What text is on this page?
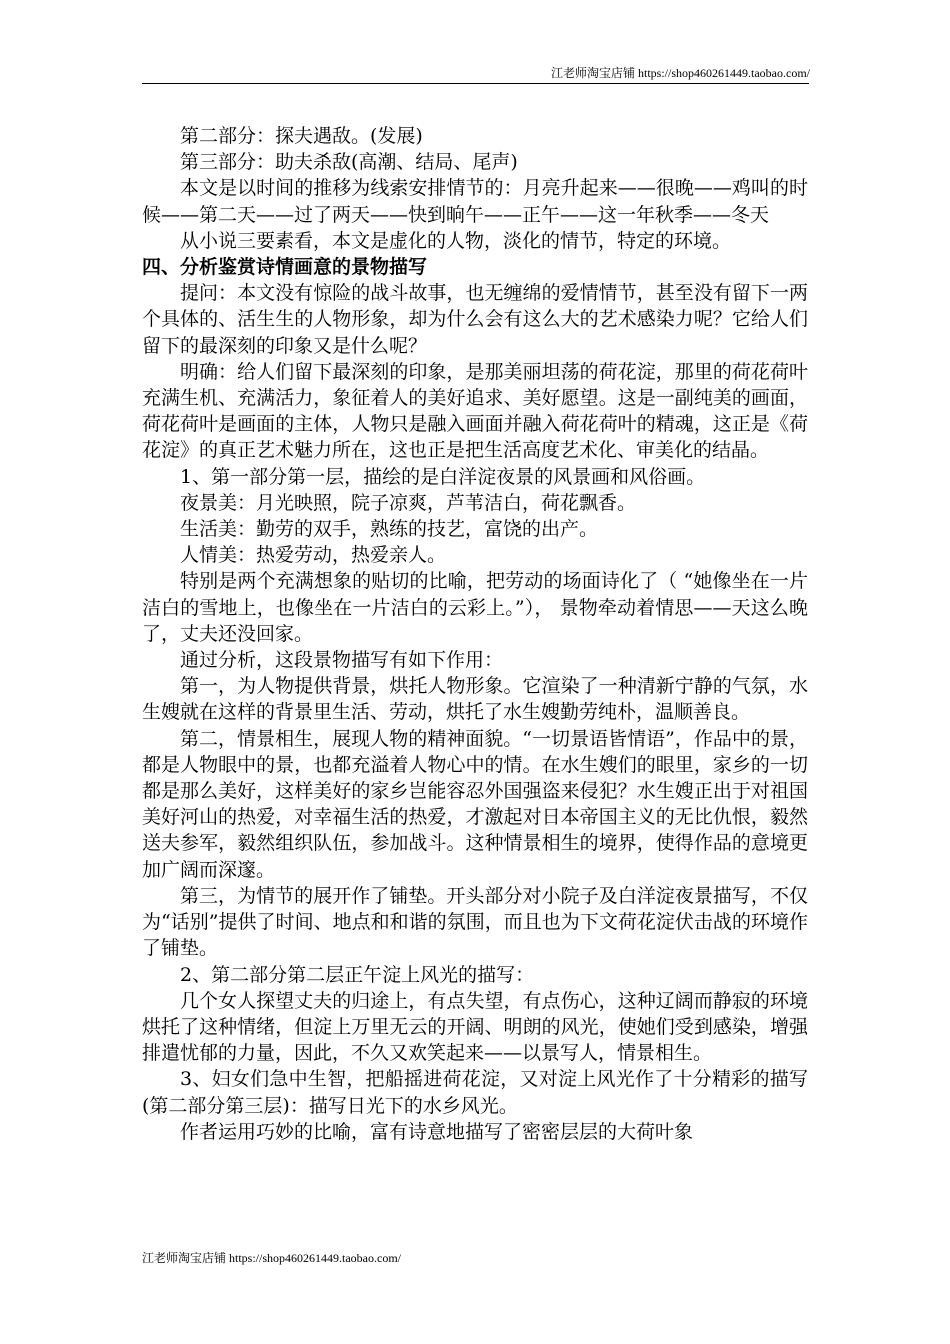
江老师淘宝店铺 https://shop460261449.taobao.com/

第二部分：探夫遇敌。(发展)

第三部分：助夫杀敌(高潮、结局、尾声)

本文是以时间的推移为线索安排情节的：月亮升起来——很晚——鸡叫的时候——第二天——过了两天——快到晌午——正午——这一年秋季——冬天

从小说三要素看，本文是虚化的人物，淡化的情节，特定的环境。

四、分析鉴赏诗情画意的景物描写

提问：本文没有惊险的战斗故事，也无缠绵的爱情情节，甚至没有留下一两个具体的、活生生的人物形象，却为什么会有这么大的艺术感染力呢？它给人们留下的最深刻的印象又是什么呢？

明确：给人们留下最深刻的印象，是那美丽坦荡的荷花淀，那里的荷花荷叶充满生机、充满活力，象征着人的美好追求、美好愿望。这是一副纯美的画面，荷花荷叶是画面的主体，人物只是融入画面并融入荷花荷叶的精魂，这正是《荷花淀》的真正艺术魅力所在，这也正是把生活高度艺术化、审美化的结晶。

1、第一部分第一层，描绘的是白洋淀夜景的风景画和风俗画。

夜景美：月光映照，院子凉爽，芦苇洁白，荷花飘香。

生活美：勤劳的双手，熟练的技艺，富饶的出产。

人情美：热爱劳动，热爱亲人。

特别是两个充满想象的贴切的比喻，把劳动的场面诗化了（ “她像坐在一片洁白的雪地上，也像坐在一片洁白的云彩上。”）， 景物牵动着情思——天这么晚了，丈夫还没回家。

通过分析，这段景物描写有如下作用：

第一，为人物提供背景，烘托人物形象。它渲染了一种清新宁静的气氛，水生嫂就在这样的背景里生活、劳动，烘托了水生嫂勤劳纯朴，温顺善良。

第二，情景相生，展现人物的精神面貌。“一切景语皆情语”，作品中的景，都是人物眼中的景，也都充溢着人物心中的情。在水生嫂们的眼里，家乡的一切都是那么美好，这样美好的家乡岂能容忍外国强盗来侵犯？水生嫂正出于对祖国美好河山的热爱，对幸福生活的热爱，才激起对日本帝国主义的无比仇恨，毅然送夫参军，毅然组织队伍，参加战斗。这种情景相生的境界，使得作品的意境更加广阔而深邃。

第三，为情节的展开作了铺垫。开头部分对小院子及白洋淀夜景描写，不仅为“话别”提供了时间、地点和和谐的氛围，而且也为下文荷花淀伏击战的环境作了铺垫。

2、第二部分第二层正午淀上风光的描写：

几个女人探望丈夫的归途上，有点失望，有点伤心，这种辽阔而静寂的环境烘托了这种情绪，但淀上万里无云的开阔、明朗的风光，使她们受到感染，增强排遣忧郁的力量，因此，不久又欢笑起来——以景写人，情景相生。

3、妇女们急中生智，把船摇进荷花淀，又对淀上风光作了十分精彩的描写(第二部分第三层)：描写日光下的水乡风光。

作者运用巧妙的比喻，富有诗意地描写了密密层层的大荷叶象

江老师淘宝店铺 https://shop460261449.taobao.com/
